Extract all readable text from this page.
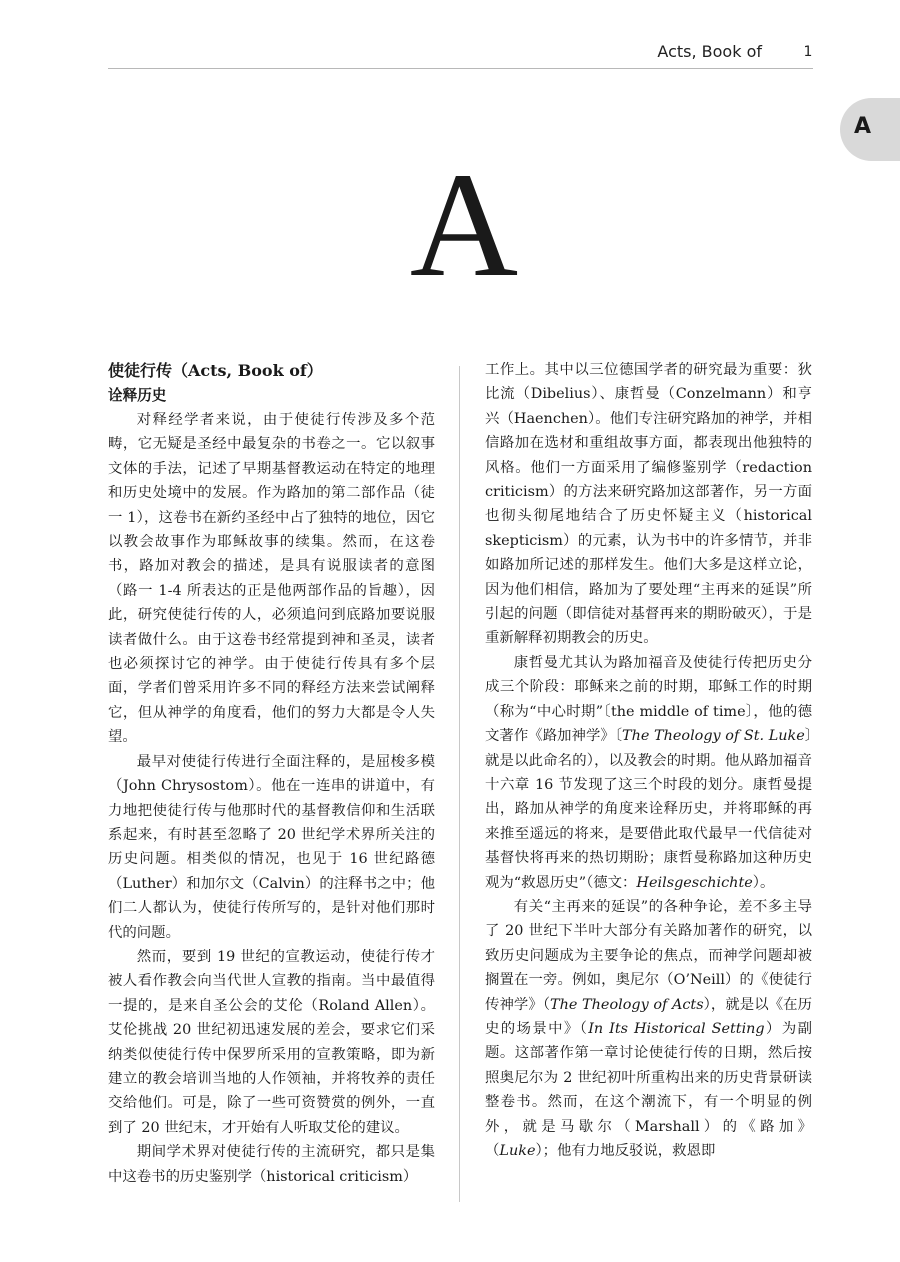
Acts, Book of	1
A
A

使徒行传（Acts, Book of）

诠释历史

对释经学者来说，由于使徒行传涉及多个范畴，它无疑是圣经中最复杂的书卷之一。它以叙事文体的手法，记述了早期基督教运动在特定的地理和历史处境中的发展。作为路加的第二部作品（徒一 1），这卷书在新约圣经中占了独特的地位，因它以教会故事作为耶稣故事的续集。然而，在这卷书，路加对教会的描述，是具有说服读者的意图（路一 1-4 所表达的正是他两部作品的旨趣），因此，研究使徒行传的人，必须追问到底路加要说服读者做什么。由于这卷书经常提到神和圣灵，读者也必须探讨它的神学。由于使徒行传具有多个层面，学者们曾采用许多不同的释经方法来尝试阐释它，但从神学的角度看，他们的努力大都是令人失望。

最早对使徒行传进行全面注释的，是屈梭多模（John Chrysostom）。他在一连串的讲道中，有力地把使徒行传与他那时代的基督教信仰和生活联系起来，有时甚至忽略了 20 世纪学术界所关注的历史问题。相类似的情况，也见于 16 世纪路德（Luther）和加尔文（Calvin）的注释书之中；他们二人都认为，使徒行传所写的，是针对他们那时代的问题。

然而，要到 19 世纪的宣教运动，使徒行传才被人看作教会向当代世人宣教的指南。当中最值得一提的，是来自圣公会的艾伦（Roland Allen）。艾伦挑战 20 世纪初迅速发展的差会，要求它们采纳类似使徒行传中保罗所采用的宣教策略，即为新建立的教会培训当地的人作领袖，并将牧养的责任交给他们。可是，除了一些可资赞赏的例外，一直到了 20 世纪末，才开始有人听取艾伦的建议。

期间学术界对使徒行传的主流研究，都只是集中这卷书的历史鉴别学（historical criticism）

工作上。其中以三位德国学者的研究最为重要：狄比流（Dibelius）、康哲曼（Conzelmann）和亨兴（Haenchen）。他们专注研究路加的神学，并相信路加在选材和重组故事方面，都表现出他独特的风格。他们一方面采用了编修鉴别学（redaction criticism）的方法来研究路加这部著作，另一方面也彻头彻尾地结合了历史怀疑主义（historical skepticism）的元素，认为书中的许多情节，并非如路加所记述的那样发生。他们大多是这样立论，因为他们相信，路加为了要处理“主再来的延误”所引起的问题（即信徒对基督再来的期盼破灭），于是重新解释初期教会的历史。

康哲曼尤其认为路加福音及使徒行传把历史分成三个阶段：耶稣来之前的时期，耶稣工作的时期（称为“中心时期”〔the middle of time〕，他的德文著作《路加神学》〔The Theology of St. Luke〕就是以此命名的），以及教会的时期。他从路加福音十六章 16 节发现了这三个时段的划分。康哲曼提出，路加从神学的角度来诠释历史，并将耶稣的再来推至遥远的将来，是要借此取代最早一代信徒对基督快将再来的热切期盼；康哲曼称路加这种历史观为“救恩历史”（德文：Heilsgeschichte）。

有关“主再来的延误”的各种争论，差不多主导了 20 世纪下半叶大部分有关路加著作的研究，以致历史问题成为主要争论的焦点，而神学问题却被搁置在一旁。例如，奥尼尔（O’Neill）的《使徒行传神学》（The Theology of Acts），就是以《在历史的场景中》（In Its Historical Setting）为副题。这部著作第一章讨论使徒行传的日期，然后按照奥尼尔为 2 世纪初叶所重构出来的历史背景研读整卷书。然而，在这个潮流下，有一个明显的例外，就是马歇尔（Marshall）的《路加》（Luke）；他有力地反驳说，救恩即
